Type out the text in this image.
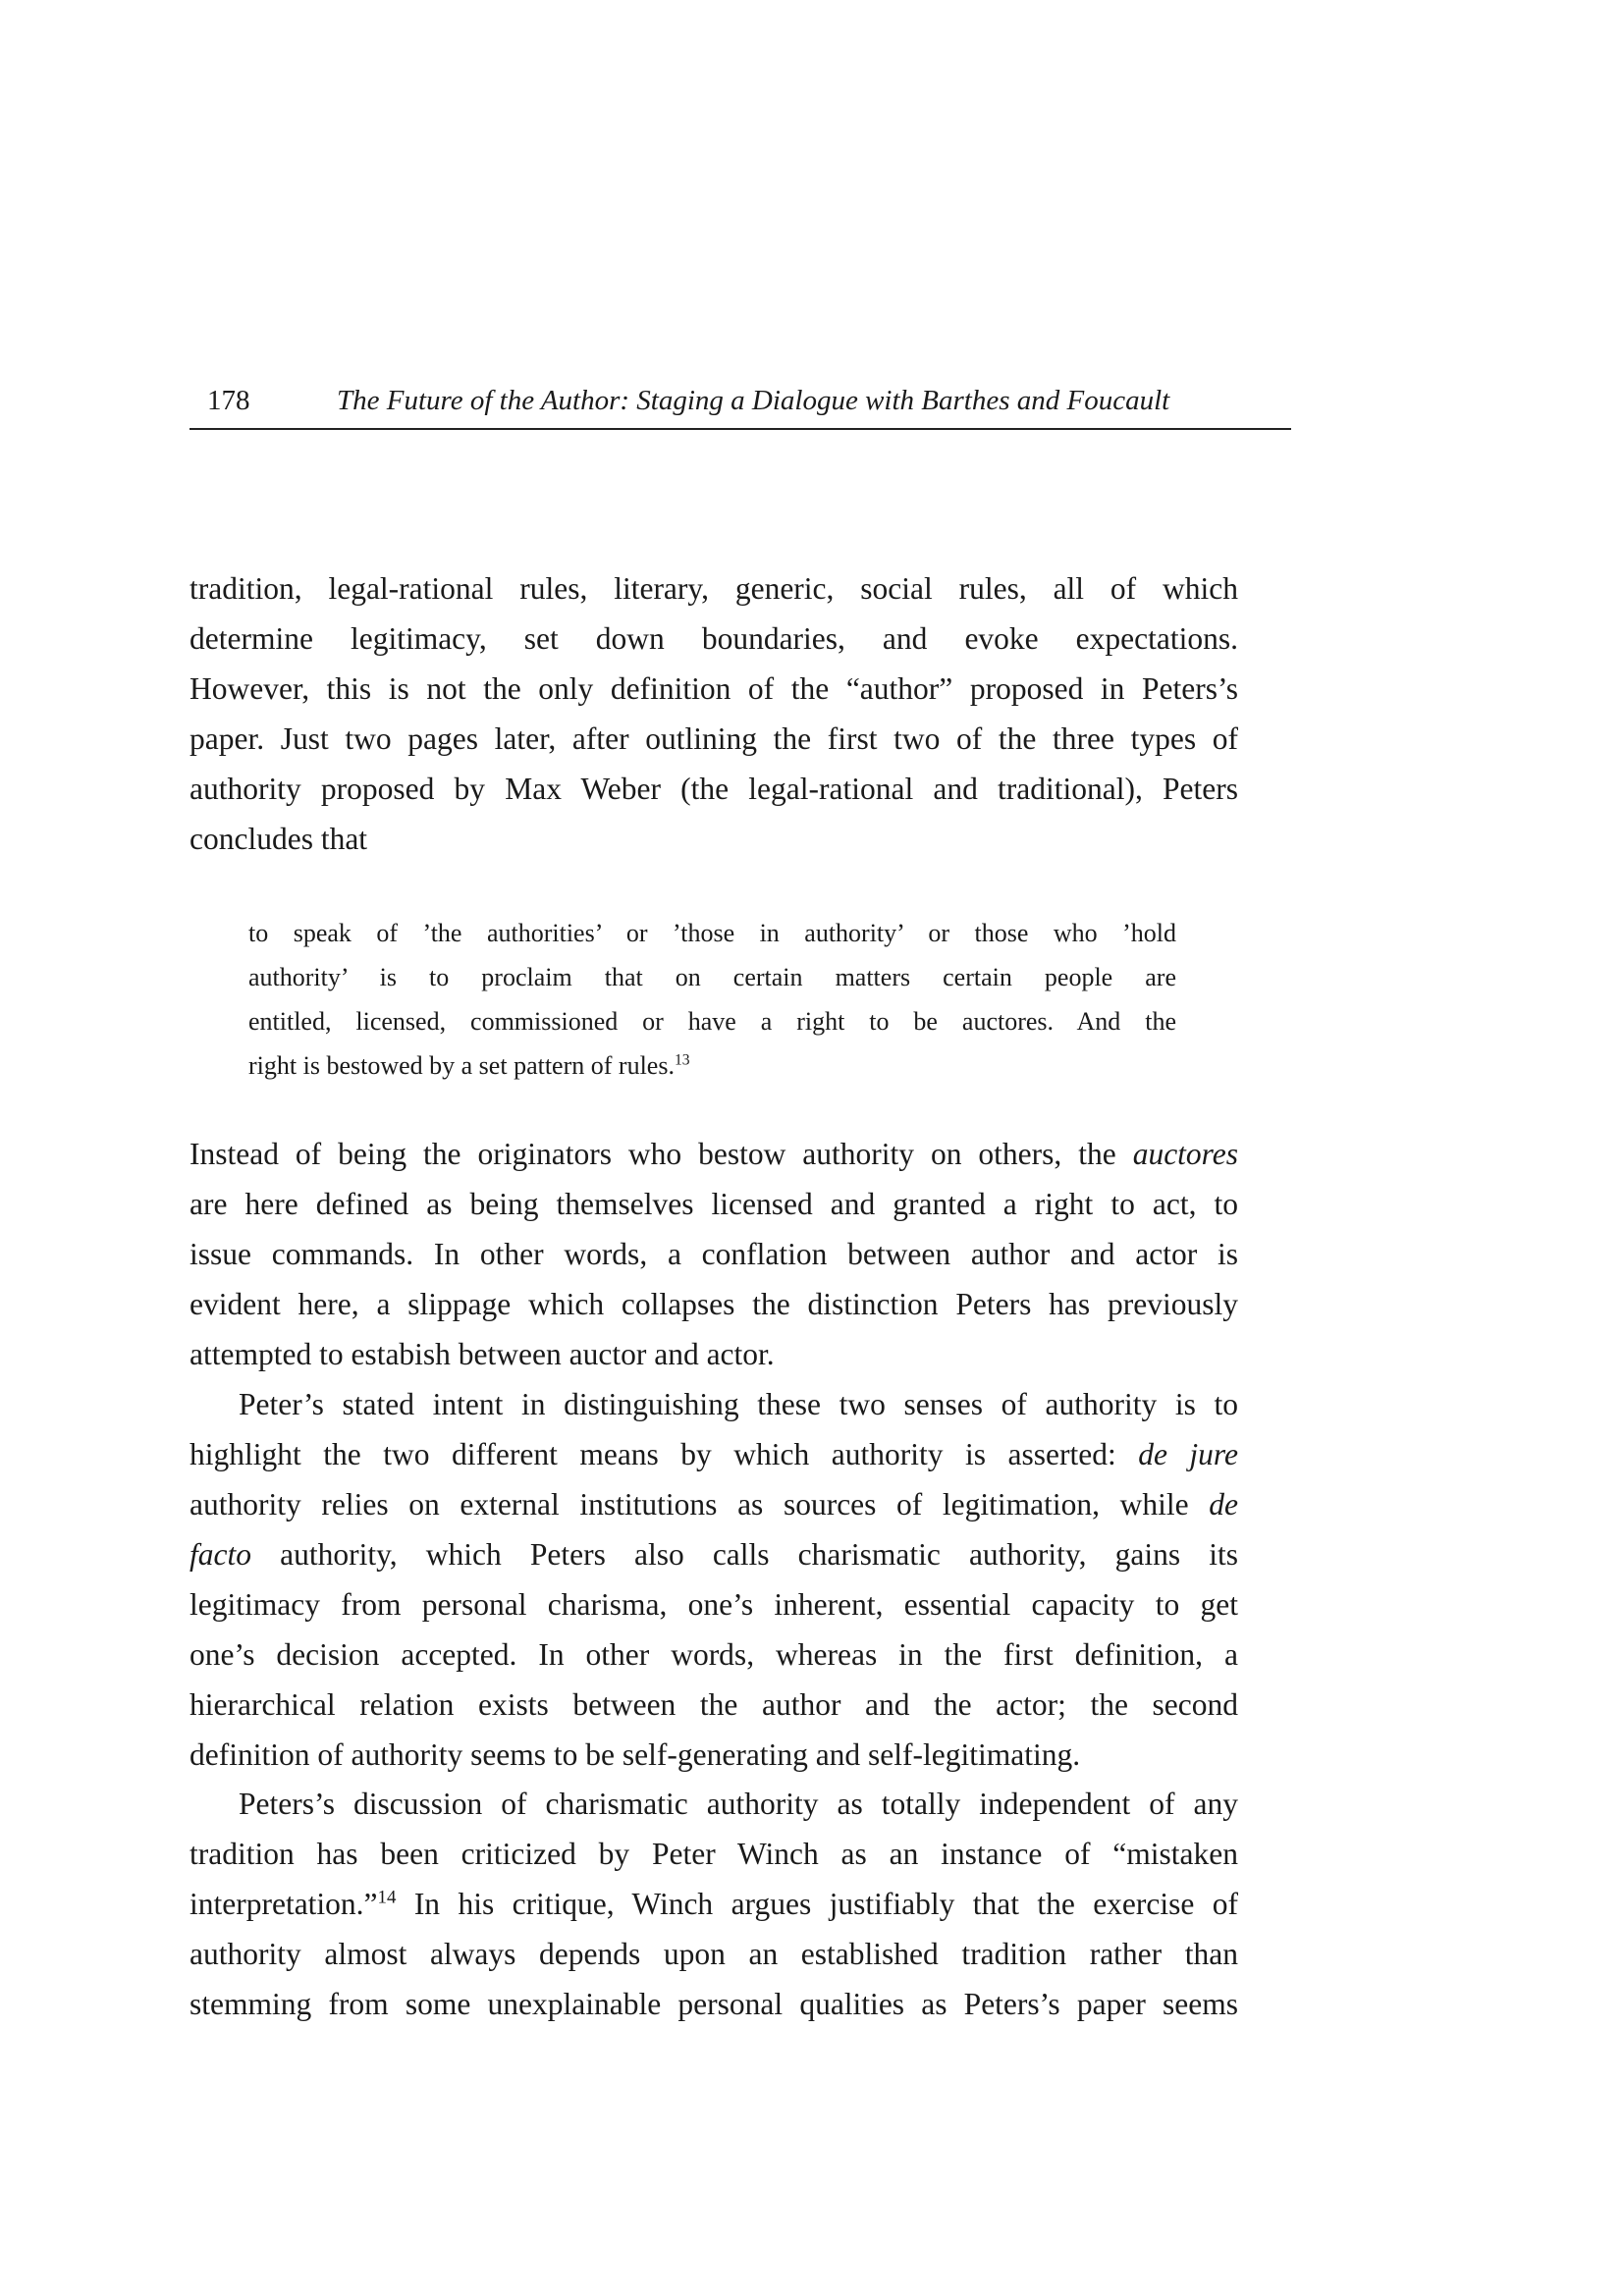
178	The Future of the Author: Staging a Dialogue with Barthes and Foucault
tradition, legal-rational rules, literary, generic, social rules, all of which
determine legitimacy, set down boundaries, and evoke expectations.
However, this is not the only definition of the “author” proposed in Peters’s
paper. Just two pages later, after outlining the first two of the three types of
authority proposed by Max Weber (the legal-rational and traditional), Peters
concludes that
to speak of ’the authorities’ or ’those in authority’ or those who ’hold
authority’ is to proclaim that on certain matters certain people are
entitled, licensed, commissioned or have a right to be auctores. And the
right is bestowed by a set pattern of rules.$^{13}$
Instead of being the originators who bestow authority on others, the auctores
are here defined as being themselves licensed and granted a right to act, to
issue commands. In other words, a conflation between author and actor is
evident here, a slippage which collapses the distinction Peters has previously
attempted to estabish between auctor and actor.
Peter’s stated intent in distinguishing these two senses of authority is to
highlight the two different means by which authority is asserted: de jure
authority relies on external institutions as sources of legitimation, while de
facto authority, which Peters also calls charismatic authority, gains its
legitimacy from personal charisma, one’s inherent, essential capacity to get
one’s decision accepted. In other words, whereas in the first definition, a
hierarchical relation exists between the author and the actor; the second
definition of authority seems to be self-generating and self-legitimating.
Peters’s discussion of charismatic authority as totally independent of any
tradition has been criticized by Peter Winch as an instance of “mistaken
interpretation.”$^{14}$ In his critique, Winch argues justifiably that the exercise of
authority almost always depends upon an established tradition rather than
stemming from some unexplainable personal qualities as Peters’s paper seems
